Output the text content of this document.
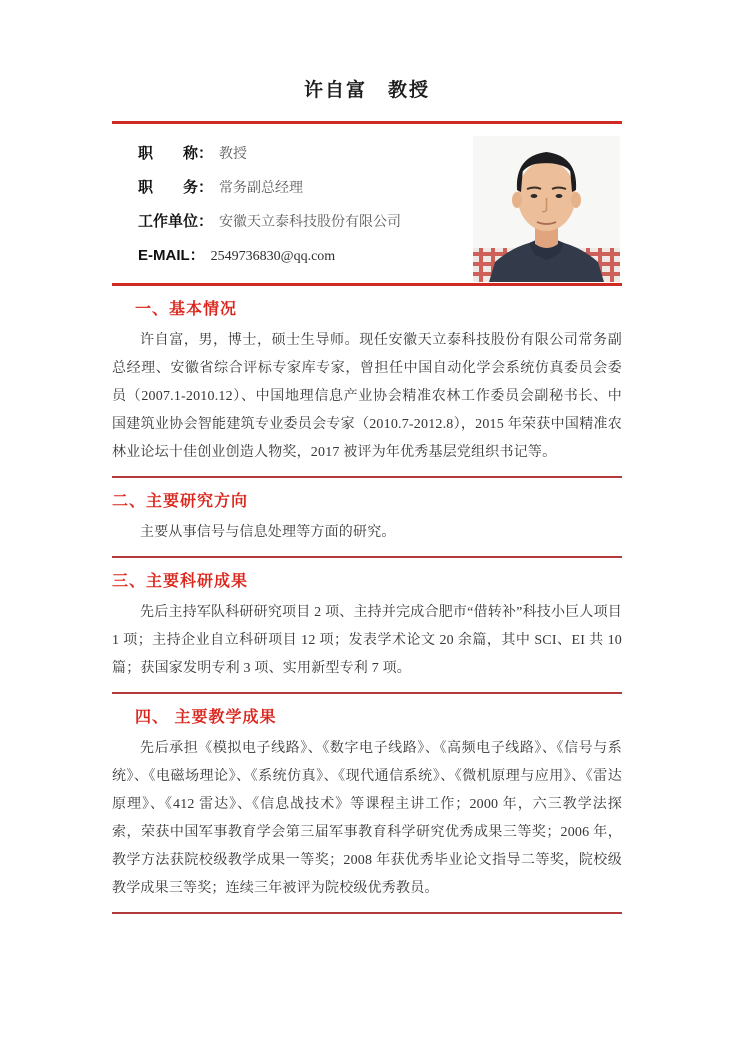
许自富　教授
职　　称： 教授
职　　务： 常务副总经理
工作单位： 安徽天立泰科技股份有限公司
E-MAIL： 2549736830@qq.com
一、基本情况

许自富，男，博士，硕士生导师。现任安徽天立泰科技股份有限公司常务副总经理、安徽省综合评标专家库专家，曾担任中国自动化学会系统仿真委员会委员（2007.1-2010.12）、中国地理信息产业协会精准农林工作委员会副秘书长、中国建筑业协会智能建筑专业委员会专家（2010.7-2012.8），2015 年荣获中国精准农林业论坛十佳创业创造人物奖，2017 被评为年优秀基层党组织书记等。

二、主要研究方向

主要从事信号与信息处理等方面的研究。

三、主要科研成果

先后主持军队科研研究项目 2 项、主持并完成合肥市“借转补”科技小巨人项目 1 项；主持企业自立科研项目 12 项；发表学术论文 20 余篇，其中 SCI、EI 共 10 篇；获国家发明专利 3 项、实用新型专利 7 项。

四、 主要教学成果

先后承担《模拟电子线路》、《数字电子线路》、《高频电子线路》、《信号与系统》、《电磁场理论》、《系统仿真》、《现代通信系统》、《微机原理与应用》、《雷达原理》、《412 雷达》、《信息战技术》等课程主讲工作；2000 年，六三教学法探索，荣获中国军事教育学会第三届军事教育科学研究优秀成果三等奖；2006 年，教学方法获院校级教学成果一等奖；2008 年获优秀毕业论文指导二等奖，院校级教学成果三等奖；连续三年被评为院校级优秀教员。
